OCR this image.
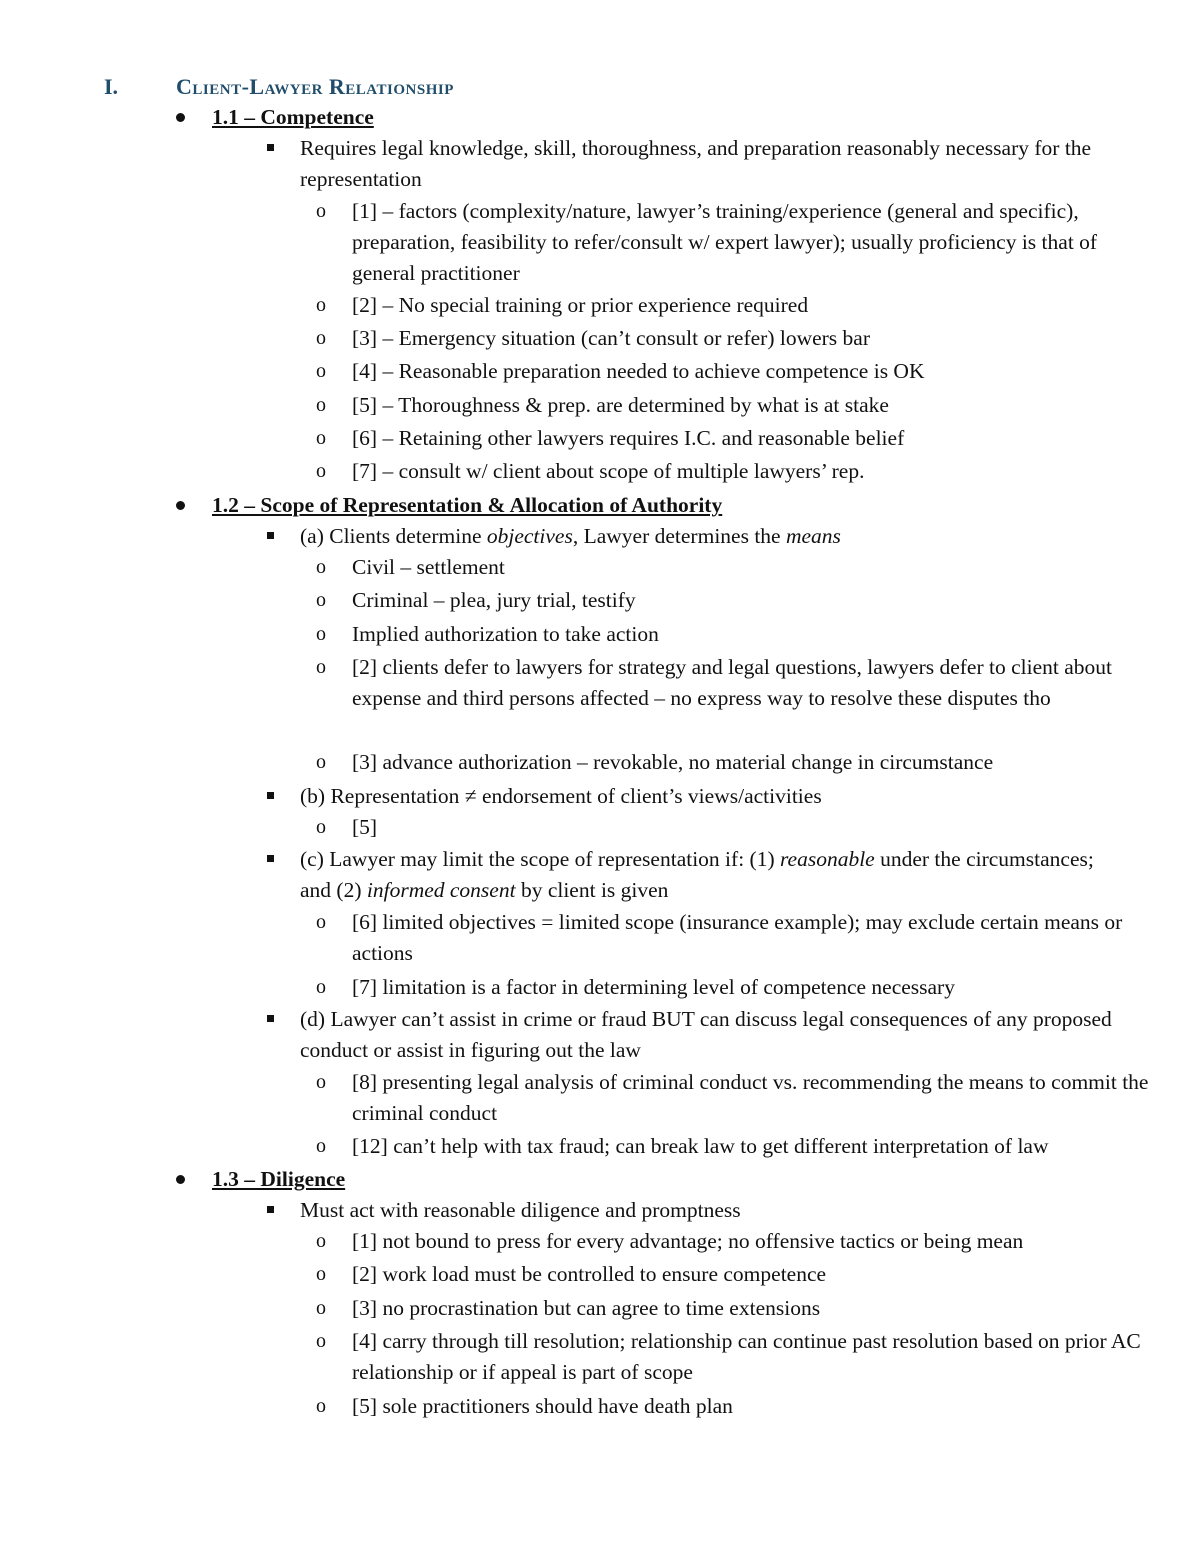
I.	Client-Lawyer Relationship
1.1 – Competence
Requires legal knowledge, skill, thoroughness, and preparation reasonably necessary for the representation
o [1] – factors (complexity/nature, lawyer’s training/experience (general and specific), preparation, feasibility to refer/consult w/ expert lawyer); usually proficiency is that of general practitioner
o [2] – No special training or prior experience required
o [3] – Emergency situation (can’t consult or refer) lowers bar
o [4] – Reasonable preparation needed to achieve competence is OK
o [5] – Thoroughness & prep. are determined by what is at stake
o [6] – Retaining other lawyers requires I.C. and reasonable belief
o [7] – consult w/ client about scope of multiple lawyers’ rep.
1.2 – Scope of Representation & Allocation of Authority
(a) Clients determine objectives, Lawyer determines the means
o Civil – settlement
o Criminal – plea, jury trial, testify
o Implied authorization to take action
o [2] clients defer to lawyers for strategy and legal questions, lawyers defer to client about expense and third persons affected – no express way to resolve these disputes tho
o [3] advance authorization – revokable, no material change in circumstance
(b) Representation ≠ endorsement of client’s views/activities
o [5]
(c) Lawyer may limit the scope of representation if: (1) reasonable under the circumstances; and (2) informed consent by client is given
o [6] limited objectives = limited scope (insurance example); may exclude certain means or actions
o [7] limitation is a factor in determining level of competence necessary
(d) Lawyer can’t assist in crime or fraud BUT can discuss legal consequences of any proposed conduct or assist in figuring out the law
o [8] presenting legal analysis of criminal conduct vs. recommending the means to commit the criminal conduct
o [12] can’t help with tax fraud; can break law to get different interpretation of law
1.3 – Diligence
Must act with reasonable diligence and promptness
o [1] not bound to press for every advantage; no offensive tactics or being mean
o [2] work load must be controlled to ensure competence
o [3] no procrastination but can agree to time extensions
o [4] carry through till resolution; relationship can continue past resolution based on prior AC relationship or if appeal is part of scope
o [5] sole practitioners should have death plan
